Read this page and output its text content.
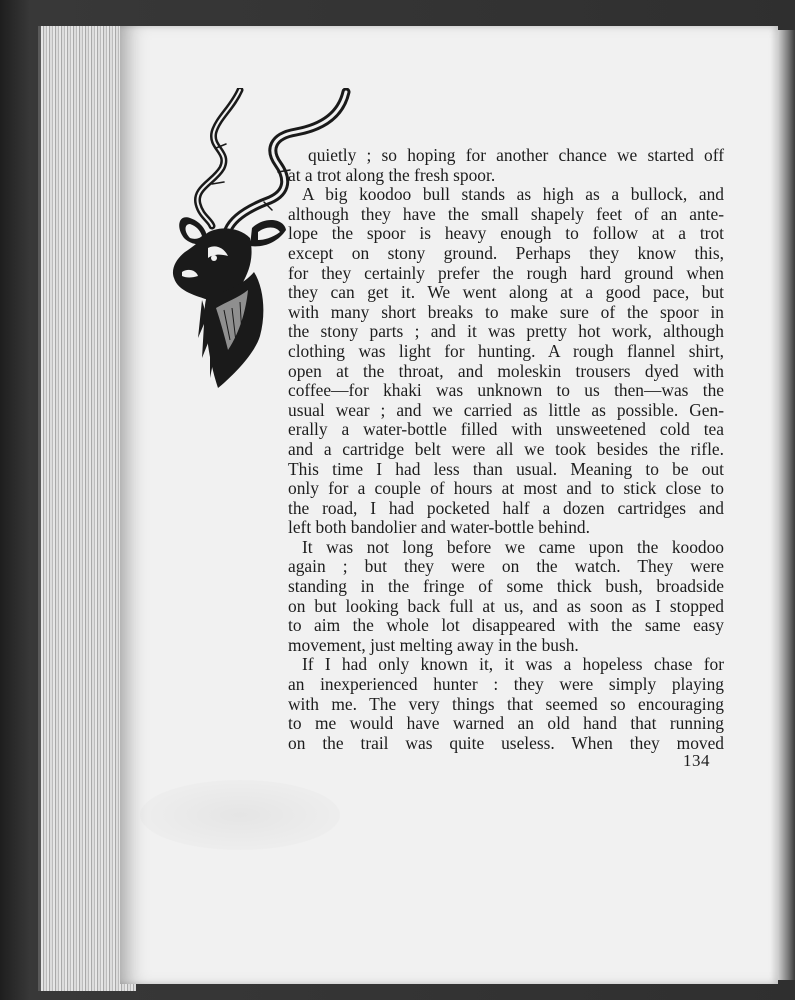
quietly ; so hoping for another chance we started off
at a trot along the fresh spoor.
A big koodoo bull stands as high as a bullock, and
although they have the small shapely feet of an ante-
lope the spoor is heavy enough to follow at a trot
except on stony ground. Perhaps they know this,
for they certainly prefer the rough hard ground when
they can get it. We went along at a good pace, but
with many short breaks to make sure of the spoor in
the stony parts ; and it was pretty hot work, although
clothing was light for hunting. A rough flannel shirt,
open at the throat, and moleskin trousers dyed with
coffee—for khaki was unknown to us then—was the
usual wear ; and we carried as little as possible. Gen-
erally a water-bottle filled with unsweetened cold tea
and a cartridge belt were all we took besides the rifle.
This time I had less than usual. Meaning to be out
only for a couple of hours at most and to stick close to
the road, I had pocketed half a dozen cartridges and
left both bandolier and water-bottle behind.
It was not long before we came upon the koodoo
again ; but they were on the watch. They were
standing in the fringe of some thick bush, broadside
on but looking back full at us, and as soon as I stopped
to aim the whole lot disappeared with the same easy
movement, just melting away in the bush.
If I had only known it, it was a hopeless chase for
an inexperienced hunter : they were simply playing
with me. The very things that seemed so encouraging
to me would have warned an old hand that running
on the trail was quite useless. When they moved
134
